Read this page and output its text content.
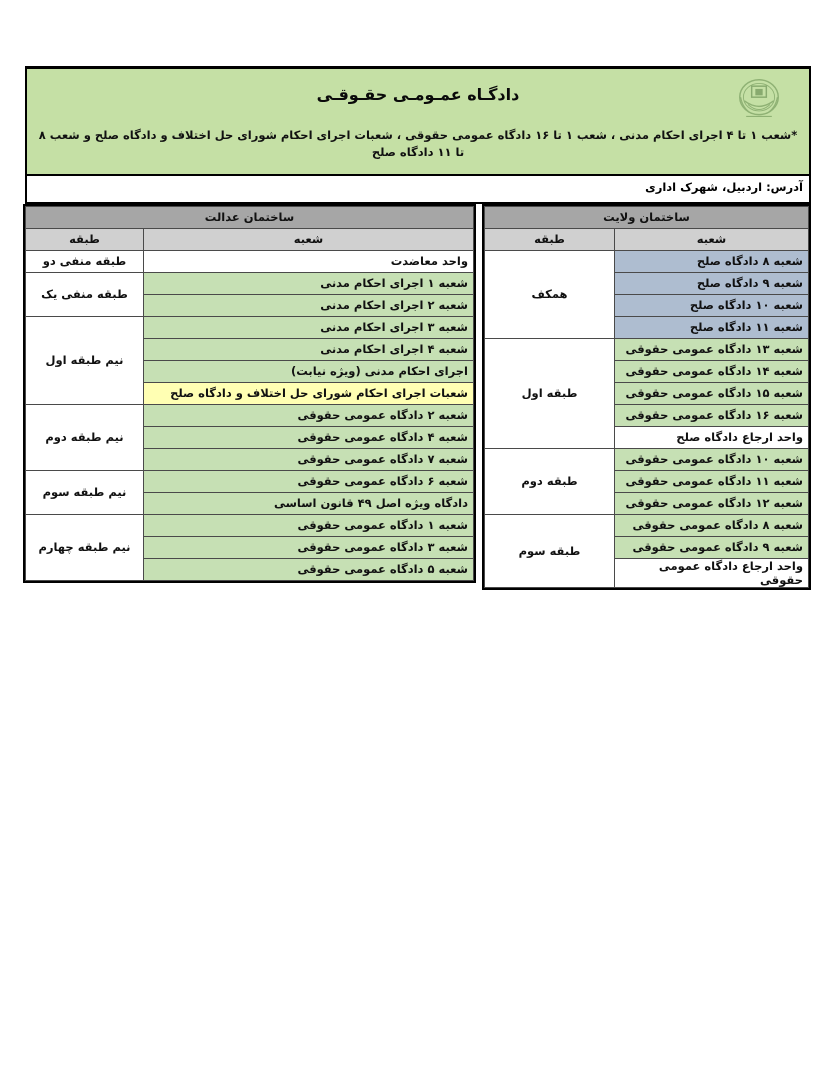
دادگـاه عمـومـی حقـوقـی
*شعب ۱ تا ۴ اجرای احکام مدنی ، شعب ۱ تا ۱۶ دادگاه عمومی حقوقی ، شعبات اجرای احکام شورای حل اختلاف و دادگاه صلح و شعب ۸ تا ۱۱ دادگاه صلح
آدرس: اردبیل، شهرک اداری
ساختمان ولایت	
شعبه	طبقه
شعبه ۸ دادگاه صلح	همکف
شعبه ۹ دادگاه صلح	
شعبه ۱۰ دادگاه صلح	
شعبه ۱۱ دادگاه صلح	
شعبه ۱۳ دادگاه عمومی حقوقی	طبقه اول
شعبه ۱۴ دادگاه عمومی حقوقی	
شعبه ۱۵ دادگاه عمومی حقوقی	
شعبه ۱۶ دادگاه عمومی حقوقی	
واحد ارجاع دادگاه صلح	
شعبه ۱۰ دادگاه عمومی حقوقی	طبقه دوم
شعبه ۱۱ دادگاه عمومی حقوقی	
شعبه ۱۲ دادگاه عمومی حقوقی	
شعبه ۸ دادگاه عمومی حقوقی	طبقه سوم
شعبه ۹ دادگاه عمومی حقوقی	
واحد ارجاع دادگاه عمومی حقوقی	
ساختمان عدالت	
شعبه	طبقه
واحد معاضدت	طبقه منفی دو
شعبه ۱ اجرای احکام مدنی	طبقه منفی یک
شعبه ۲ اجرای احکام مدنی	
شعبه ۳ اجرای احکام مدنی	نیم طبقه اول
شعبه ۴ اجرای احکام مدنی	
اجرای احکام مدنی (ویژه نیابت)	
شعبات اجرای احکام شورای حل اختلاف و دادگاه صلح	
شعبه ۲ دادگاه عمومی حقوقی	نیم طبقه دوم
شعبه ۴ دادگاه عمومی حقوقی	
شعبه ۷ دادگاه عمومی حقوقی	
شعبه ۶ دادگاه عمومی حقوقی	نیم طبقه سوم
دادگاه ویژه اصل ۴۹ قانون اساسی	
شعبه ۱ دادگاه عمومی حقوقی	نیم طبقه چهارم
شعبه ۳ دادگاه عمومی حقوقی	
شعبه ۵ دادگاه عمومی حقوقی	
